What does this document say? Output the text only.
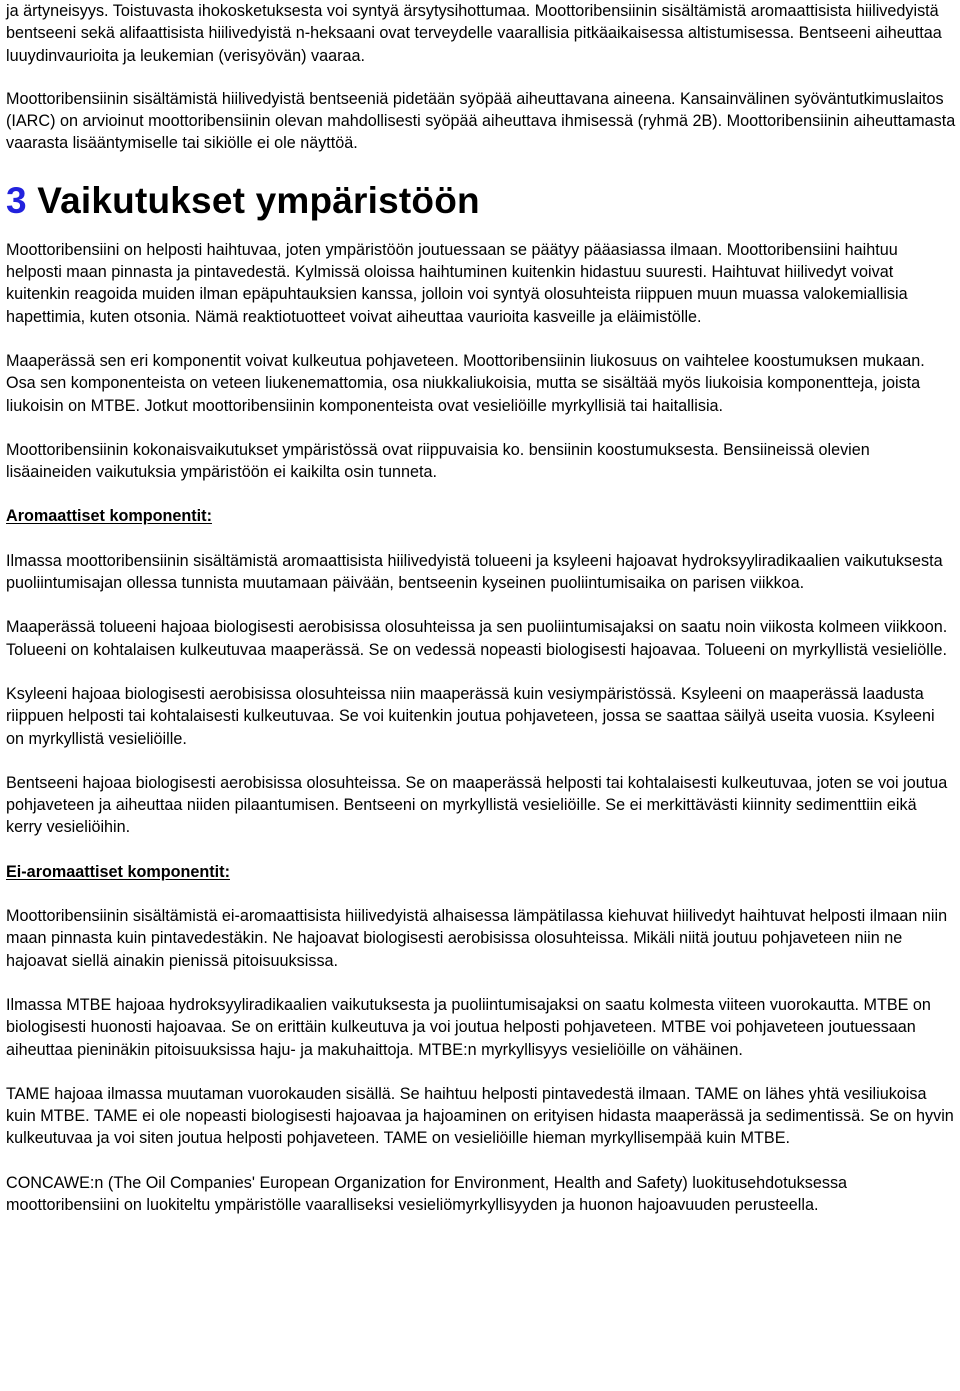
ja ärtyneisyys. Toistuvasta ihokosketuksesta voi syntyä ärsytysihottumaa. Moottoribensiinin sisältämistä aromaattisista hiilivedyistä bentseeni sekä alifaattisista hiilivedyistä n-heksaani ovat terveydelle vaarallisia pitkäaikaisessa altistumisessa. Bentseeni aiheuttaa luuydinvaurioita ja leukemian (verisyövän) vaaraa.

Moottoribensiinin sisältämistä hiilivedyistä bentseeniä pidetään syöpää aiheuttavana aineena. Kansainvälinen syöväntutkimuslaitos (IARC) on arvioinut moottoribensiinin olevan mahdollisesti syöpää aiheuttava ihmisessä (ryhmä 2B). Moottoribensiinin aiheuttamasta vaarasta lisääntymiselle tai sikiölle ei ole näyttöä.

3 Vaikutukset ympäristöön

Moottoribensiini on helposti haihtuvaa, joten ympäristöön joutuessaan se päätyy pääasiassa ilmaan. Moottoribensiini haihtuu helposti maan pinnasta ja pintavedestä. Kylmissä oloissa haihtuminen kuitenkin hidastuu suuresti. Haihtuvat hiilivedyt voivat kuitenkin reagoida muiden ilman epäpuhtauksien kanssa, jolloin voi syntyä olosuhteista riippuen muun muassa valokemiallisia hapettimia, kuten otsonia. Nämä reaktiotuotteet voivat aiheuttaa vaurioita kasveille ja eläimistölle.

Maaperässä sen eri komponentit voivat kulkeutua pohjaveteen. Moottoribensiinin liukosuus on vaihtelee koostumuksen mukaan. Osa sen komponenteista on veteen liukenemattomia, osa niukkaliukoisia, mutta se sisältää myös liukoisia komponentteja, joista liukoisin on MTBE. Jotkut moottoribensiinin komponenteista ovat vesieliöille myrkyllisiä tai haitallisia.

Moottoribensiinin kokonaisvaikutukset ympäristössä ovat riippuvaisia ko. bensiinin koostumuksesta. Bensiineissä olevien lisäaineiden vaikutuksia ympäristöön ei kaikilta osin tunneta.

Aromaattiset komponentit:

Ilmassa moottoribensiinin sisältämistä aromaattisista hiilivedyistä tolueeni ja ksyleeni hajoavat hydroksyyliradikaalien vaikutuksesta puoliintumisajan ollessa tunnista muutamaan päivään, bentseenin kyseinen puoliintumisaika on parisen viikkoa.

Maaperässä tolueeni hajoaa biologisesti aerobisissa olosuhteissa ja sen puoliintumisajaksi on saatu noin viikosta kolmeen viikkoon. Tolueeni on kohtalaisen kulkeutuvaa maaperässä. Se on vedessä nopeasti biologisesti hajoavaa. Tolueeni on myrkyllistä vesieliölle.

Ksyleeni hajoaa biologisesti aerobisissa olosuhteissa niin maaperässä kuin vesiympäristössä. Ksyleeni on maaperässä laadusta riippuen helposti tai kohtalaisesti kulkeutuvaa. Se voi kuitenkin joutua pohjaveteen, jossa se saattaa säilyä useita vuosia. Ksyleeni on myrkyllistä vesieliöille.

Bentseeni hajoaa biologisesti aerobisissa olosuhteissa. Se on maaperässä helposti tai kohtalaisesti kulkeutuvaa, joten se voi joutua pohjaveteen ja aiheuttaa niiden pilaantumisen. Bentseeni on myrkyllistä vesieliöille. Se ei merkittävästi kiinnity sedimenttiin eikä kerry vesieliöihin.

Ei-aromaattiset komponentit:

Moottoribensiinin sisältämistä ei-aromaattisista hiilivedyistä alhaisessa lämpätilassa kiehuvat hiilivedyt haihtuvat helposti ilmaan niin maan pinnasta kuin pintavedestäkin. Ne hajoavat biologisesti aerobisissa olosuhteissa. Mikäli niitä joutuu pohjaveteen niin ne hajoavat siellä ainakin pienissä pitoisuuksissa.

Ilmassa MTBE hajoaa hydroksyyliradikaalien vaikutuksesta ja puoliintumisajaksi on saatu kolmesta viiteen vuorokautta. MTBE on biologisesti huonosti hajoavaa. Se on erittäin kulkeutuva ja voi joutua helposti pohjaveteen. MTBE voi pohjaveteen joutuessaan aiheuttaa pieninäkin pitoisuuksissa haju- ja makuhaittoja. MTBE:n myrkyllisyys vesieliöille on vähäinen.

TAME hajoaa ilmassa muutaman vuorokauden sisällä. Se haihtuu helposti pintavedestä ilmaan. TAME on lähes yhtä vesiliukoisa kuin MTBE. TAME ei ole nopeasti biologisesti hajoavaa ja hajoaminen on erityisen hidasta maaperässä ja sedimentissä. Se on hyvin kulkeutuvaa ja voi siten joutua helposti pohjaveteen. TAME on vesieliöille hieman myrkyllisempää kuin MTBE.

CONCAWE:n (The Oil Companies' European Organization for Environment, Health and Safety) luokitusehdotuksessa moottoribensiini on luokiteltu ympäristölle vaaralliseksi vesieliömyrkyllisyyden ja huonon hajoavuuden perusteella.
